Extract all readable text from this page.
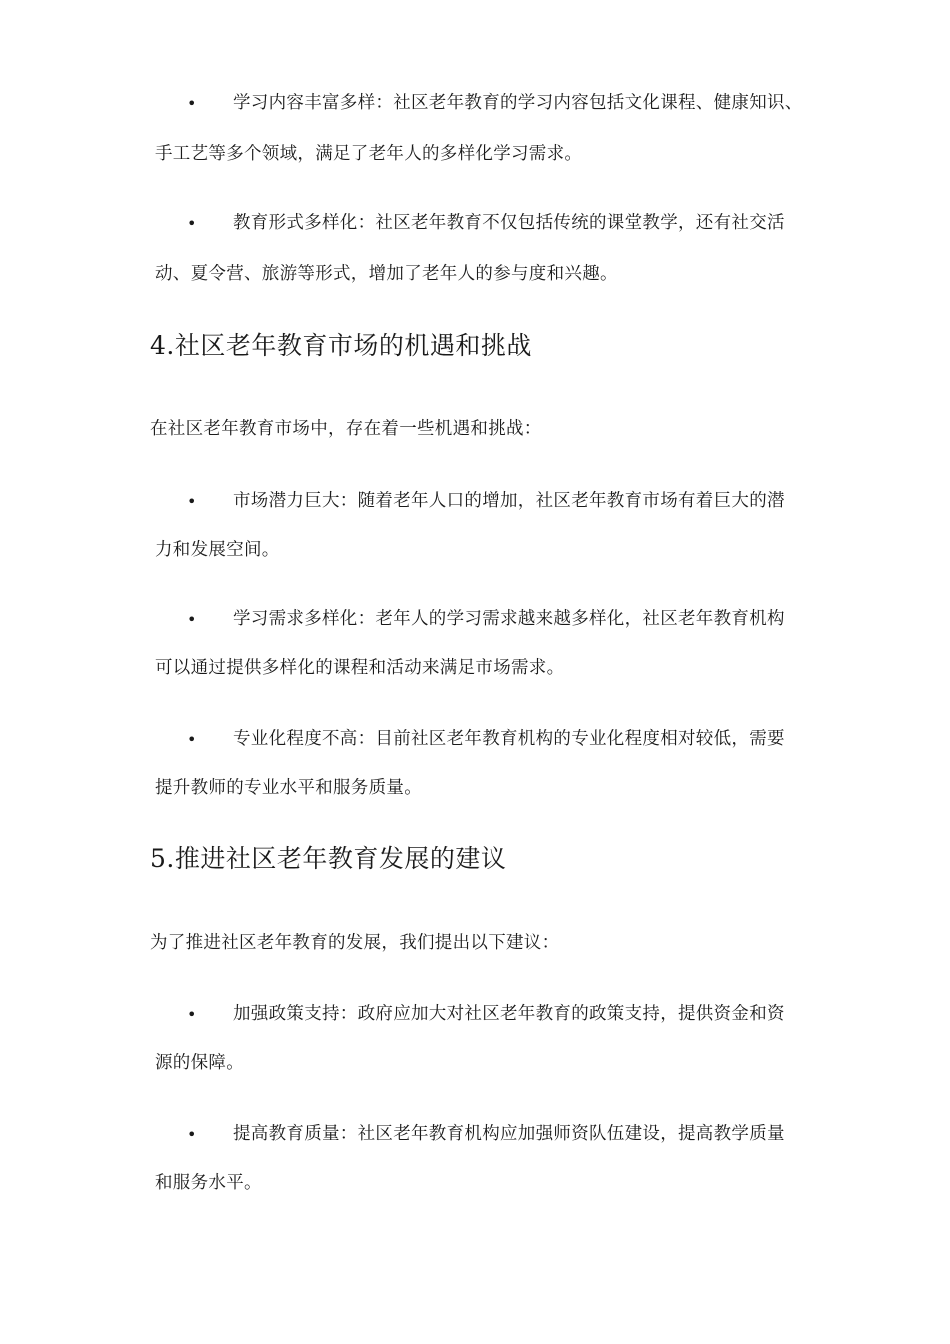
• 学习内容丰富多样：社区老年教育的学习内容包括文化课程、健康知识、
手工艺等多个领域，满足了老年人的多样化学习需求。
• 教育形式多样化：社区老年教育不仅包括传统的课堂教学，还有社交活
动、夏令营、旅游等形式，增加了老年人的参与度和兴趣。
4.社区老年教育市场的机遇和挑战
在社区老年教育市场中，存在着一些机遇和挑战：
• 市场潜力巨大：随着老年人口的增加，社区老年教育市场有着巨大的潜
力和发展空间。
• 学习需求多样化：老年人的学习需求越来越多样化，社区老年教育机构
可以通过提供多样化的课程和活动来满足市场需求。
• 专业化程度不高：目前社区老年教育机构的专业化程度相对较低，需要
提升教师的专业水平和服务质量。
5.推进社区老年教育发展的建议
为了推进社区老年教育的发展，我们提出以下建议：
• 加强政策支持：政府应加大对社区老年教育的政策支持，提供资金和资
源的保障。
• 提高教育质量：社区老年教育机构应加强师资队伍建设，提高教学质量
和服务水平。
